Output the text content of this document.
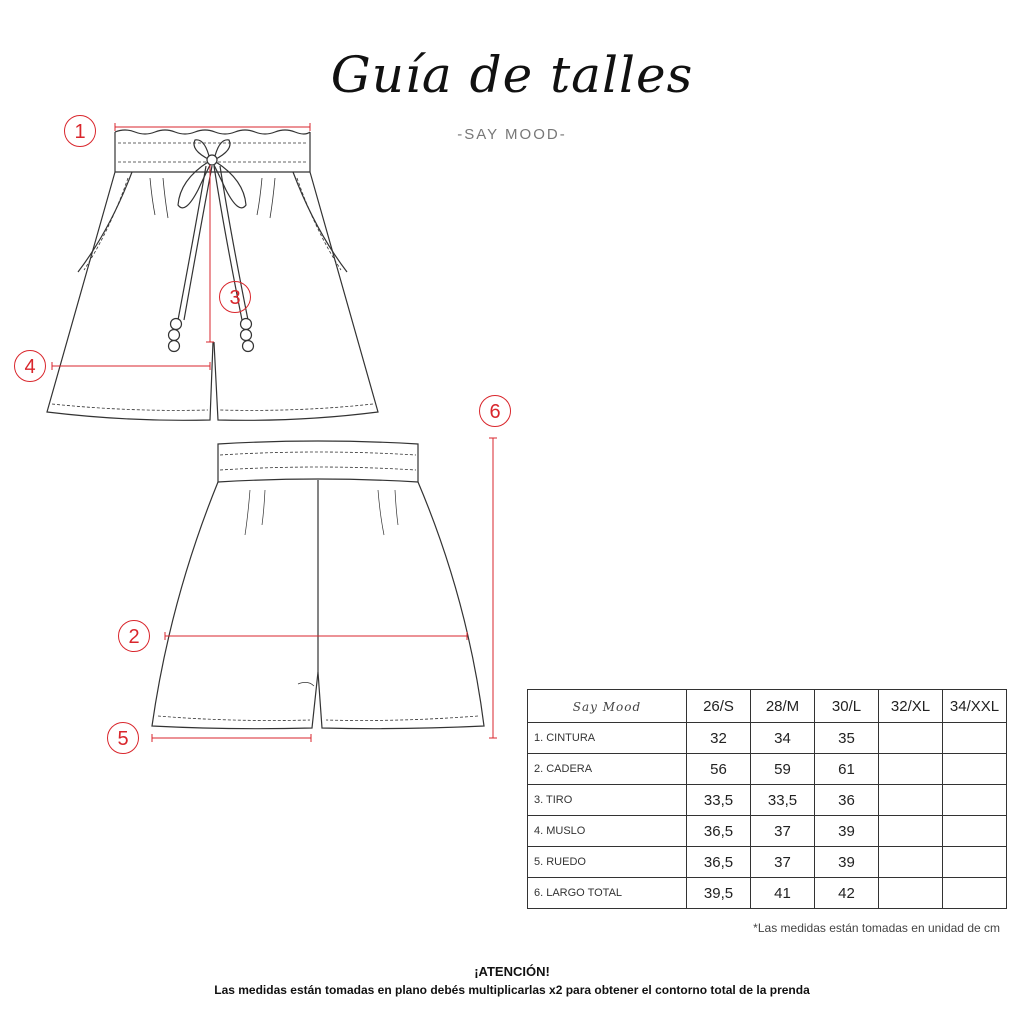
Guía de talles
-SAY MOOD-
1
2
3
4
5
6
Say Mood	26/S	28/M	30/L	32/XL	34/XXL
1. CINTURA	32	34	35		
2. CADERA	56	59	61		
3. TIRO	33,5	33,5	36		
4. MUSLO	36,5	37	39		
5. RUEDO	36,5	37	39		
6. LARGO TOTAL	39,5	41	42		
*Las medidas están tomadas en unidad de cm
¡ATENCIÓN!
Las medidas están tomadas en plano debés multiplicarlas x2 para obtener el contorno total de la prenda
